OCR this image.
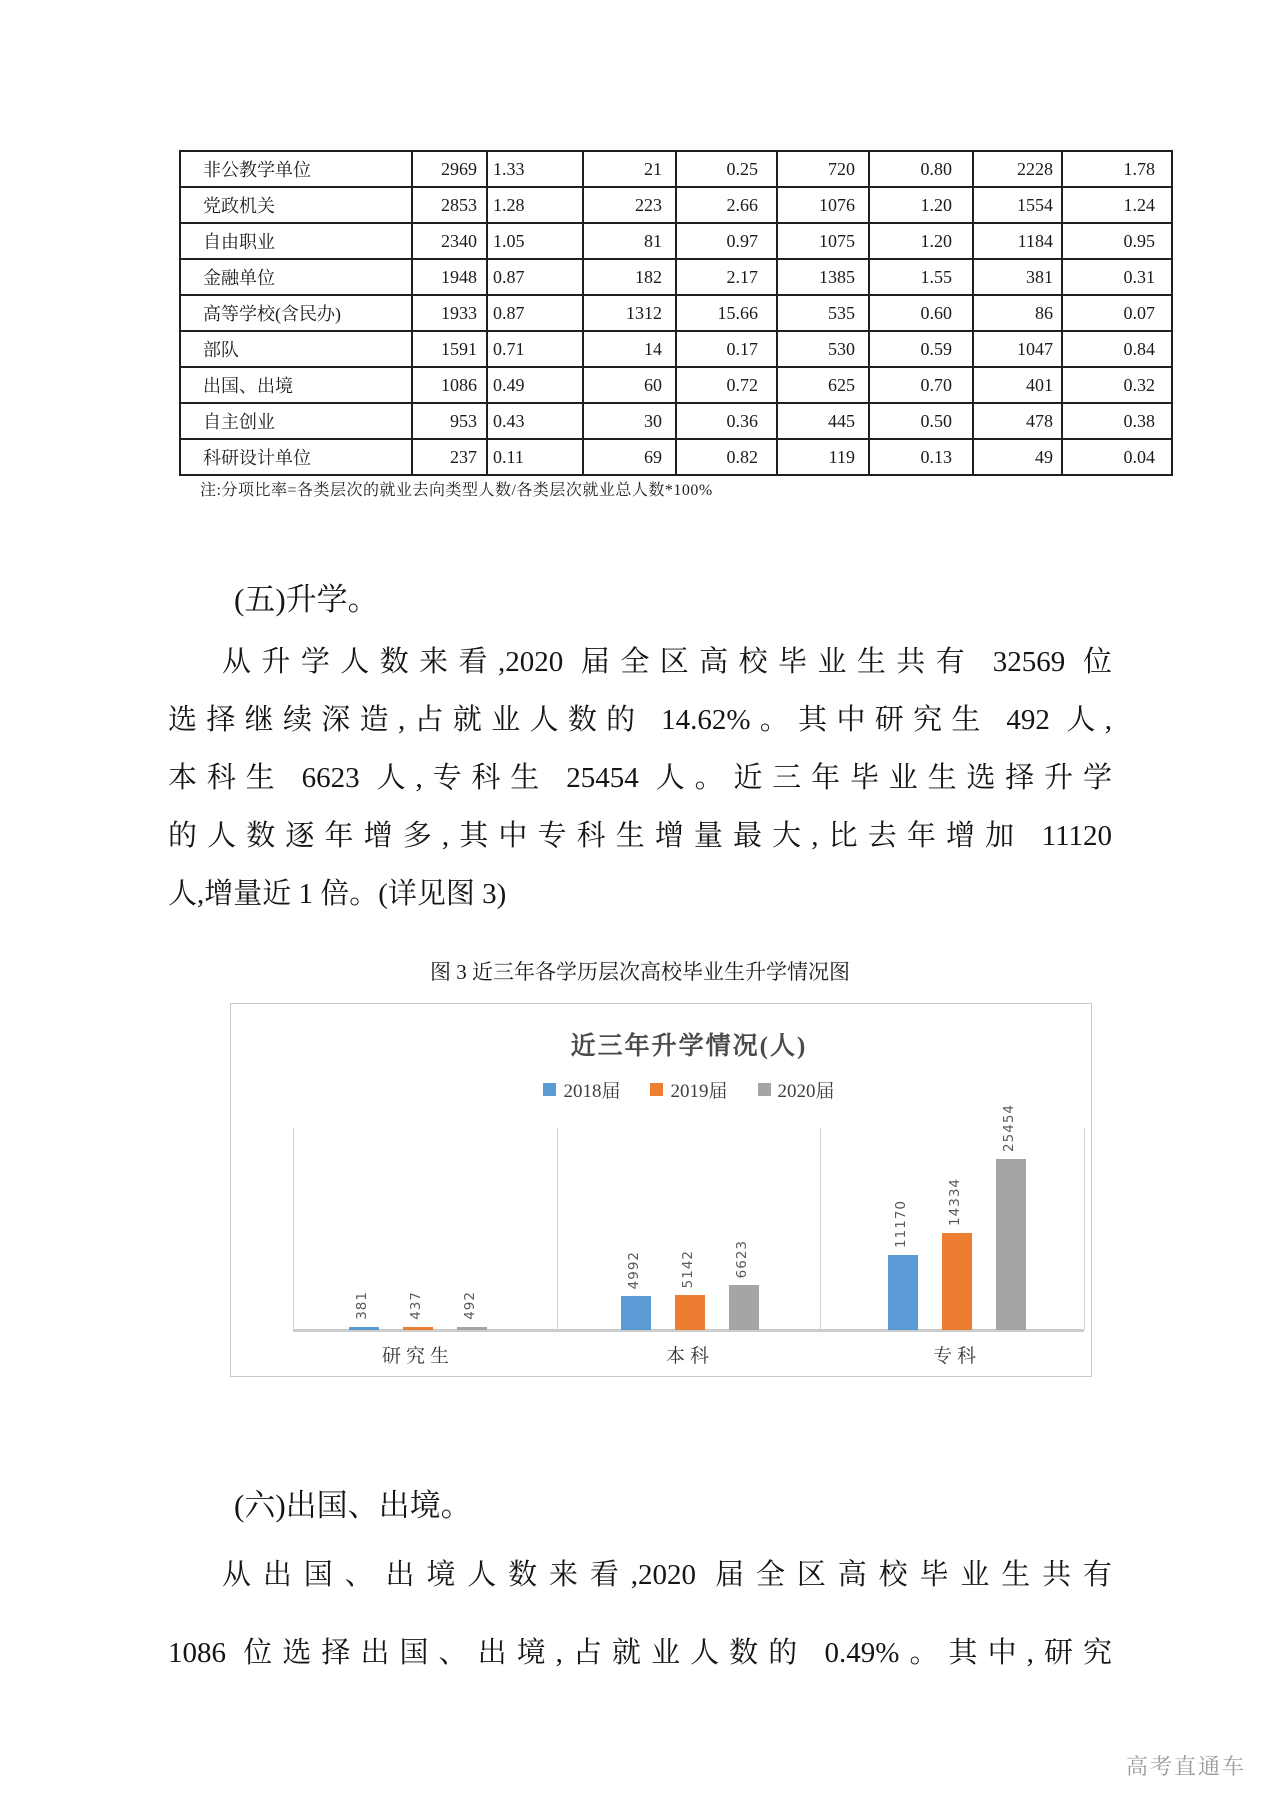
非公教学单位	2969	1.33	21	0.25	720	0.80	2228	1.78
党政机关	2853	1.28	223	2.66	1076	1.20	1554	1.24
自由职业	2340	1.05	81	0.97	1075	1.20	1184	0.95
金融单位	1948	0.87	182	2.17	1385	1.55	381	0.31
高等学校(含民办)	1933	0.87	1312	15.66	535	0.60	86	0.07
部队	1591	0.71	14	0.17	530	0.59	1047	0.84
出国、出境	1086	0.49	60	0.72	625	0.70	401	0.32
自主创业	953	0.43	30	0.36	445	0.50	478	0.38
科研设计单位	237	0.11	69	0.82	119	0.13	49	0.04
注:分项比率=各类层次的就业去向类型人数/各类层次就业总人数*100%
(五)升学。
从升学人数来看,2020 届全区高校毕业生共有 32569 位
选择继续深造,占就业人数的 14.62%。其中研究生 492 人,
本科生 6623 人,专科生 25454 人。近三年毕业生选择升学
的人数逐年增多,其中专科生增量最大,比去年增加 11120
人,增量近 1 倍。(详见图 3)
图 3 近三年各学历层次高校毕业生升学情况图
近三年升学情况(人)
2018届	2019届	2020届
381
4992
11170
437
5142
14334
492
6623
25454
研究生	本科	专科
(六)出国、出境。
从出国、出境人数来看,2020 届全区高校毕业生共有
1086 位选择出国、出境,占就业人数的 0.49%。其中,研究
高考直通车
